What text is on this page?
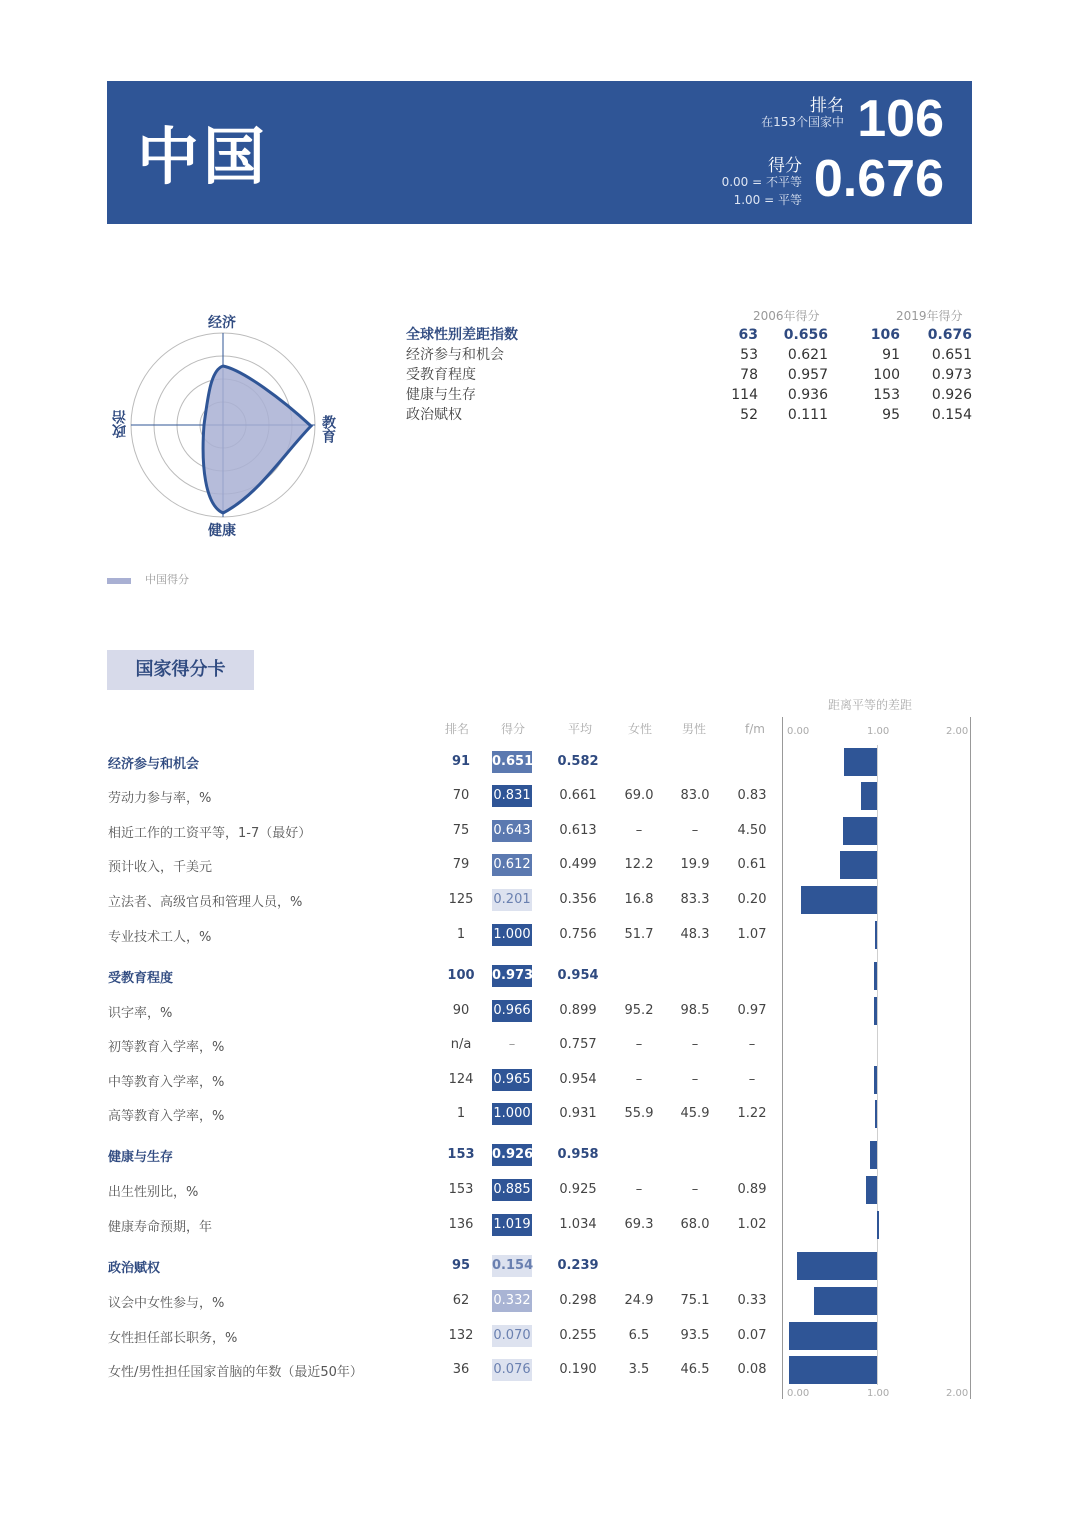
中国
排名
在153个国家中 106
得分
0.00 = 不平等
1.00 = 平等 0.676
经济
教育
健康
政治
中国得分
2006年得分	2019年得分
全球性别差距指数	63	0.656	106	0.676
经济参与和机会	53	0.621	91	0.651
受教育程度	78	0.957	100	0.973
健康与生存	114	0.936	153	0.926
政治赋权	52	0.111	95	0.154
国家得分卡
距离平等的差距
排名	得分	平均	女性	男性	f/m	0.00	1.00	2.00
0.00	1.00	2.00
经济参与和机会	91	0.651 0.582
劳动力参与率，%	70	0.831 0.661	69.0	83.0	0.83
相近工作的工资平等，1-7（最好）	75	0.643 0.613	–	–	4.50
预计收入，千美元	79	0.612 0.499	12.2	19.9	0.61
立法者、高级官员和管理人员，%	125	0.201 0.356	16.8	83.3	0.20
专业技术工人，%	1	1.000 0.756	51.7	48.3	1.07
受教育程度	100	0.973 0.954
识字率，%	90	0.966 0.899	95.2	98.5	0.97
初等教育入学率，%	n/a	–	0.757	–	–	–
中等教育入学率，%	124	0.965 0.954	–	–	–
高等教育入学率，%	1	1.000 0.931	55.9	45.9	1.22
健康与生存	153	0.926 0.958
出生性别比，%	153	0.885 0.925	–	–	0.89
健康寿命预期，年	136	1.019 1.034	69.3	68.0	1.02
政治赋权	95	0.154 0.239
议会中女性参与，%	62	0.332 0.298	24.9	75.1	0.33
女性担任部长职务，%	132	0.070 0.255	6.5	93.5	0.07
女性/男性担任国家首脑的年数（最近50年）	36	0.076 0.190	3.5	46.5	0.08
